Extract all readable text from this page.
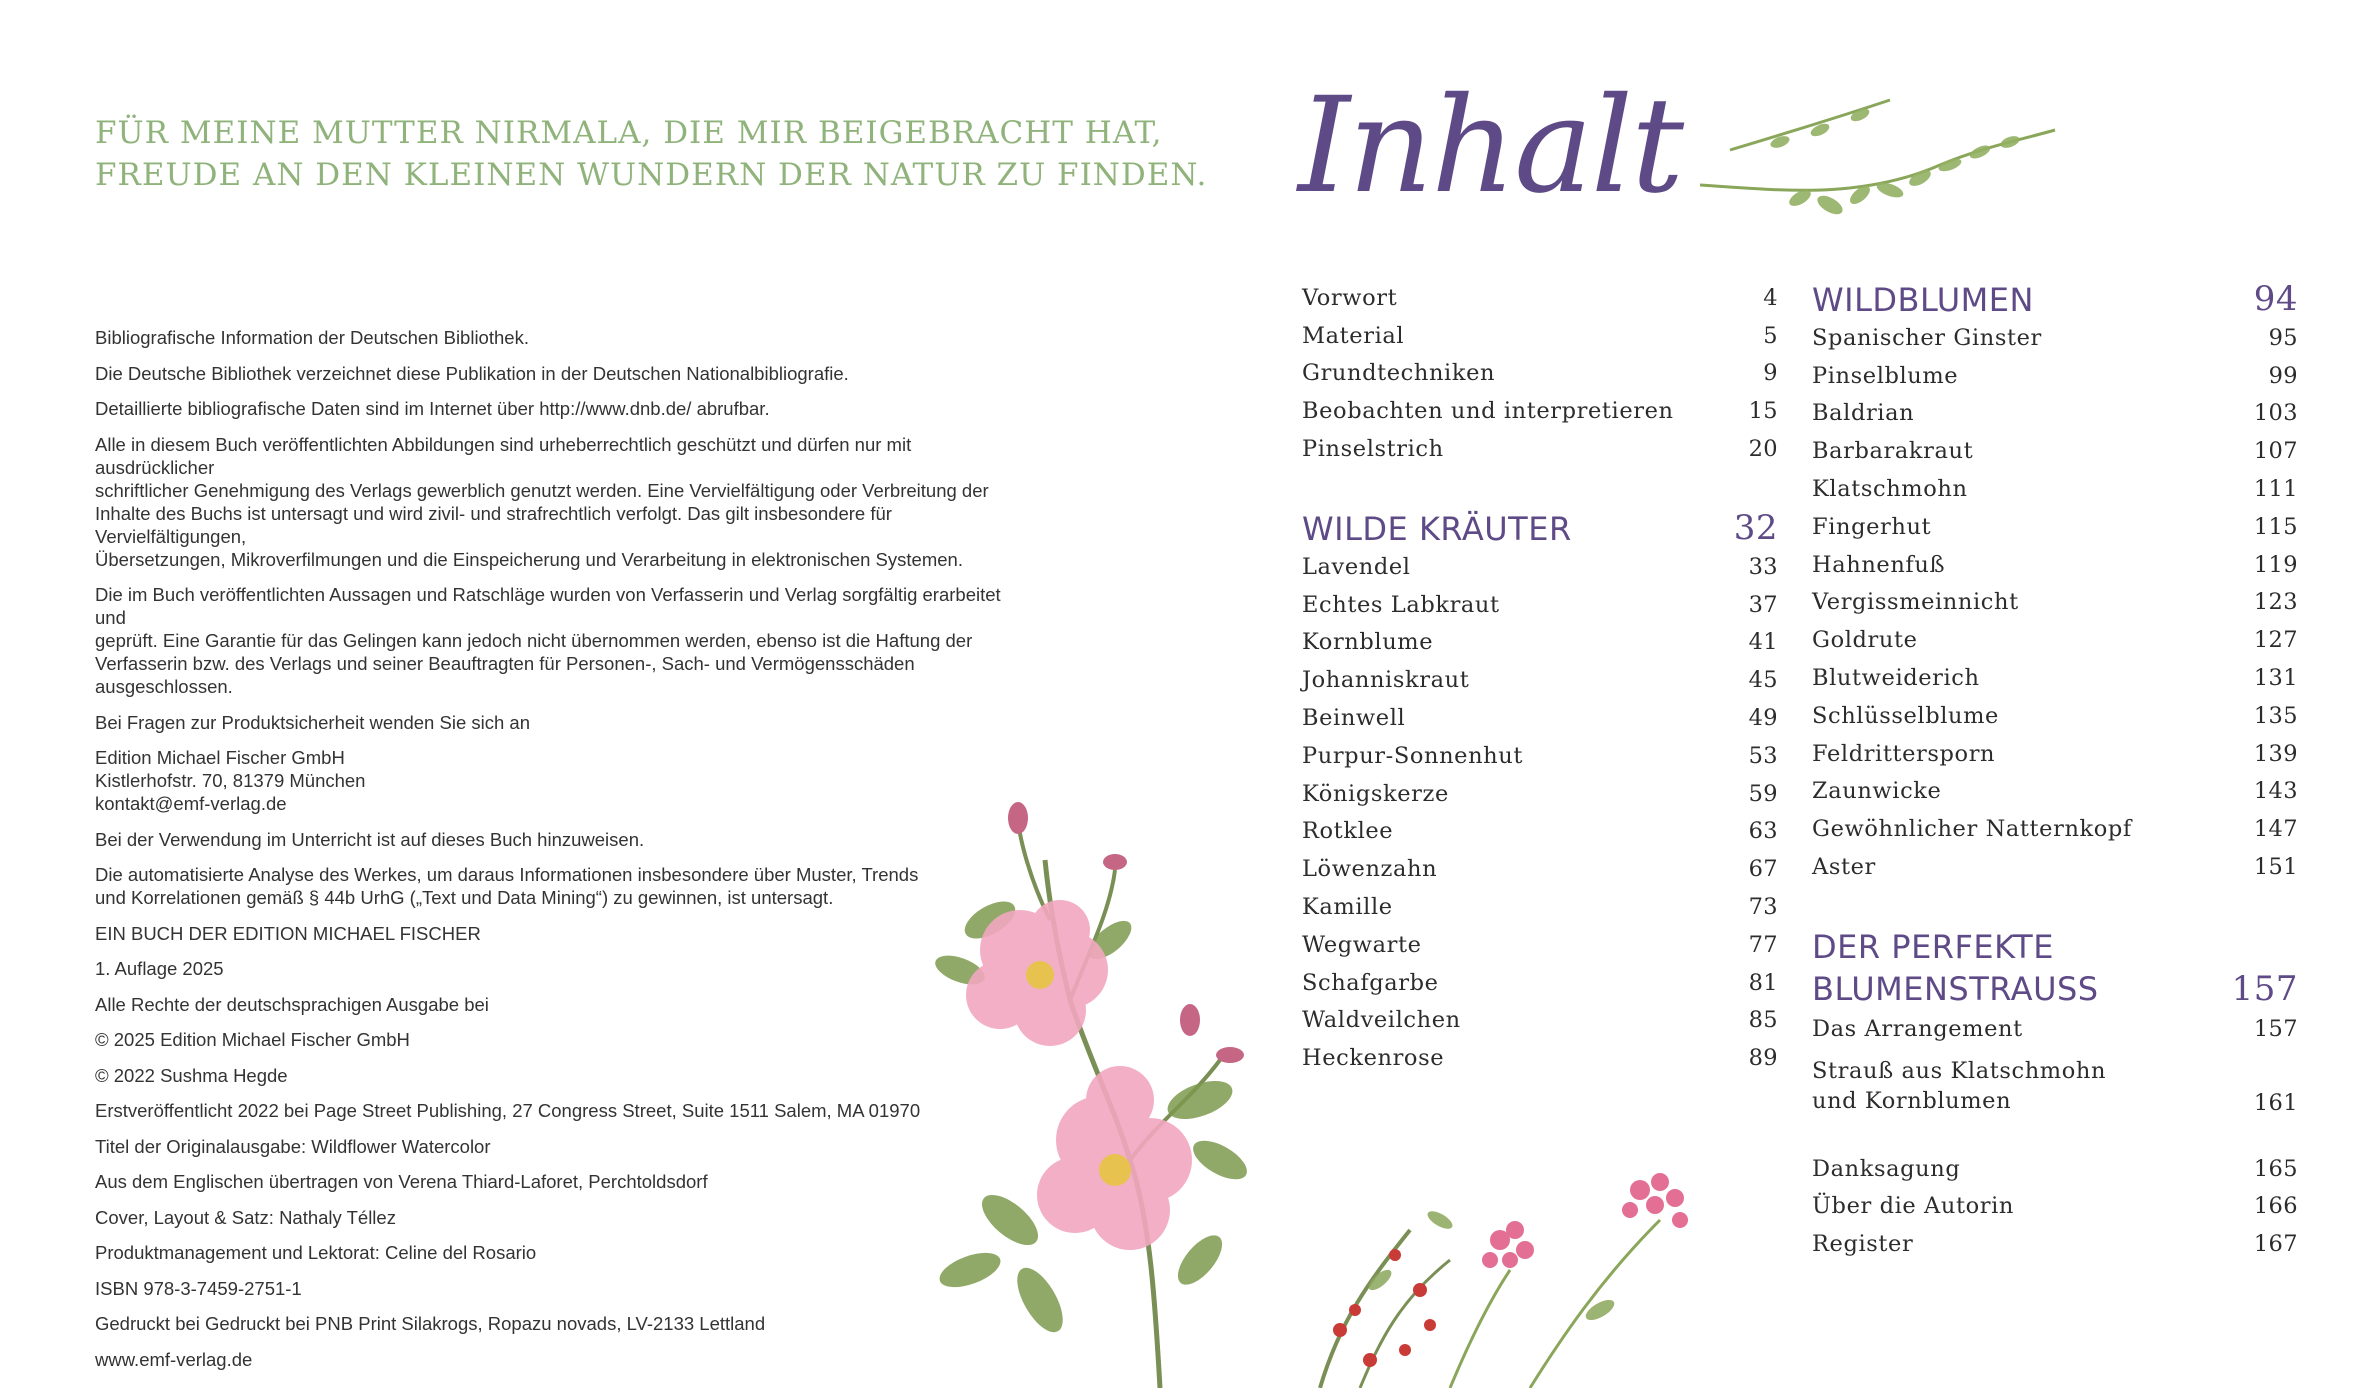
FÜR MEINE MUTTER NIRMALA, DIE MIR BEIGEBRACHT HAT,
FREUDE AN DEN KLEINEN WUNDERN DER NATUR ZU FINDEN.

Bibliografische Information der Deutschen Bibliothek.

Die Deutsche Bibliothek verzeichnet diese Publikation in der Deutschen Nationalbibliografie.

Detaillierte bibliografische Daten sind im Internet über http://www.dnb.de/ abrufbar.

Alle in diesem Buch veröffentlichten Abbildungen sind urheberrechtlich geschützt und dürfen nur mit ausdrücklicher
schriftlicher Genehmigung des Verlags gewerblich genutzt werden. Eine Vervielfältigung oder Verbreitung der
Inhalte des Buchs ist untersagt und wird zivil- und strafrechtlich verfolgt. Das gilt insbesondere für Vervielfältigungen,
Übersetzungen, Mikroverfilmungen und die Einspeicherung und Verarbeitung in elektronischen Systemen.

Die im Buch veröffentlichten Aussagen und Ratschläge wurden von Verfasserin und Verlag sorgfältig erarbeitet und
geprüft. Eine Garantie für das Gelingen kann jedoch nicht übernommen werden, ebenso ist die Haftung der
Verfasserin bzw. des Verlags und seiner Beauftragten für Personen-, Sach- und Vermögensschäden ausgeschlossen.

Bei Fragen zur Produktsicherheit wenden Sie sich an

Edition Michael Fischer GmbH
Kistlerhofstr. 70, 81379 München
kontakt@emf-verlag.de

Bei der Verwendung im Unterricht ist auf dieses Buch hinzuweisen.

Die automatisierte Analyse des Werkes, um daraus Informationen insbesondere über Muster, Trends
und Korrelationen gemäß § 44b UrhG („Text und Data Mining“) zu gewinnen, ist untersagt.

EIN BUCH DER EDITION MICHAEL FISCHER

1. Auflage 2025

Alle Rechte der deutschsprachigen Ausgabe bei

© 2025 Edition Michael Fischer GmbH

© 2022 Sushma Hegde

Erstveröffentlicht 2022 bei Page Street Publishing, 27 Congress Street, Suite 1511 Salem, MA 01970

Titel der Originalausgabe: Wildflower Watercolor

Aus dem Englischen übertragen von Verena Thiard-Laforet, Perchtoldsdorf

Cover, Layout & Satz: Nathaly Téllez

Produktmanagement und Lektorat: Celine del Rosario

ISBN 978-3-7459-2751-1

Gedruckt bei Gedruckt bei PNB Print Silakrogs, Ropazu novads, LV-2133 Lettland

www.emf-verlag.de

Inhalt
Vorwort	4
Material	5
Grundtechniken	9
Beobachten und interpretieren	15
Pinselstrich	20
WILDE KRÄUTER	32
Lavendel	33
Echtes Labkraut	37
Kornblume	41
Johanniskraut	45
Beinwell	49
Purpur-Sonnenhut	53
Königskerze	59
Rotklee	63
Löwenzahn	67
Kamille	73
Wegwarte	77
Schafgarbe	81
Waldveilchen	85
Heckenrose	89
WILDBLUMEN	94
Spanischer Ginster	95
Pinselblume	99
Baldrian	103
Barbarakraut	107
Klatschmohn	111
Fingerhut	115
Hahnenfuß	119
Vergissmeinnicht	123
Goldrute	127
Blutweiderich	131
Schlüsselblume	135
Feldrittersporn	139
Zaunwicke	143
Gewöhnlicher Natternkopf	147
Aster	151
DER PERFEKTE
BLUMENSTRAUSS	157
Das Arrangement	157
Strauß aus Klatschmohn
und Kornblumen	161
Danksagung	165
Über die Autorin	166
Register	167
